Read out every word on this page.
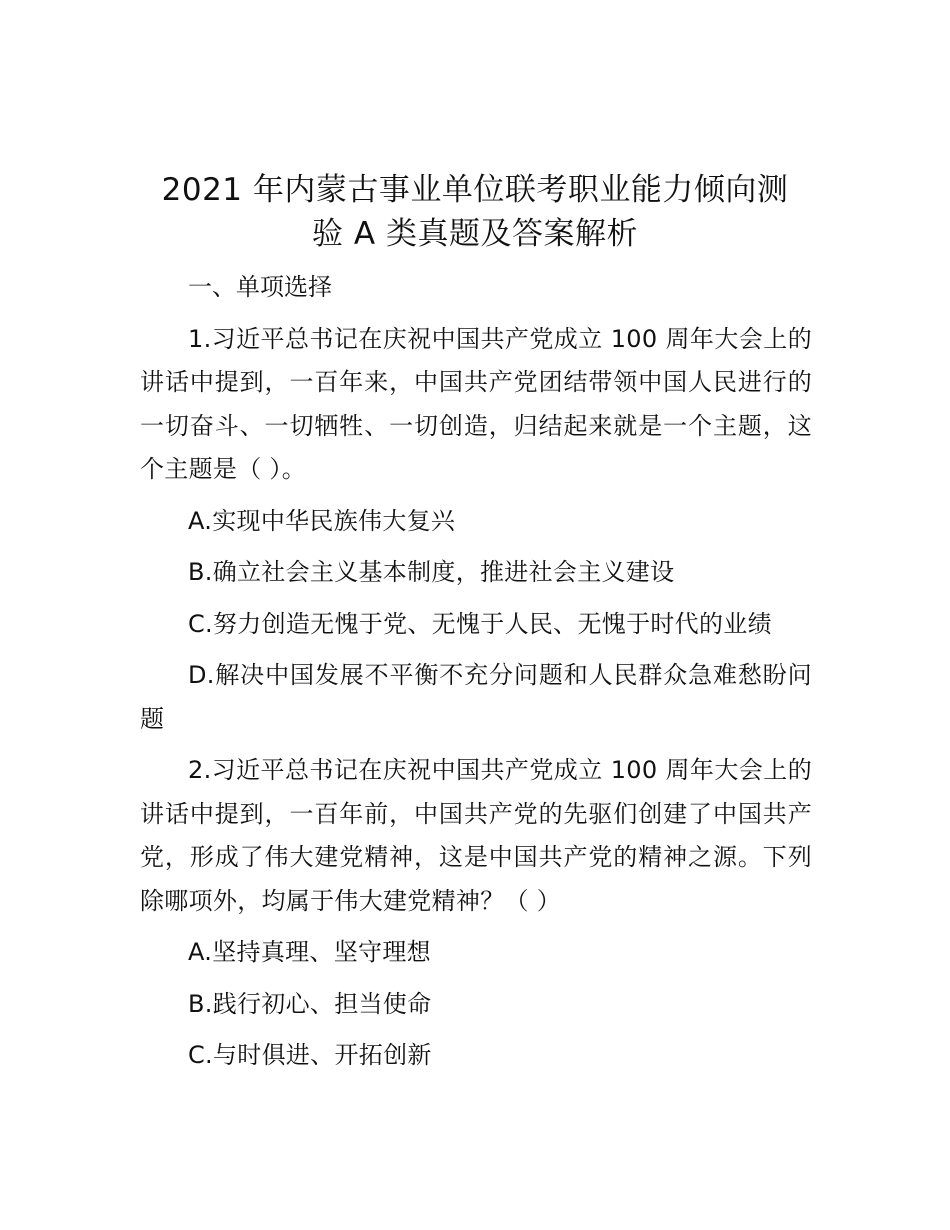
2021 年内蒙古事业单位联考职业能力倾向测
验 A 类真题及答案解析

一、单项选择

1.习近平总书记在庆祝中国共产党成立 100 周年大会上的讲话中提到，一百年来，中国共产党团结带领中国人民进行的一切奋斗、一切牺牲、一切创造，归结起来就是一个主题，这个主题是（ ）。

A.实现中华民族伟大复兴

B.确立社会主义基本制度，推进社会主义建设

C.努力创造无愧于党、无愧于人民、无愧于时代的业绩

D.解决中国发展不平衡不充分问题和人民群众急难愁盼问题

2.习近平总书记在庆祝中国共产党成立 100 周年大会上的讲话中提到，一百年前，中国共产党的先驱们创建了中国共产党，形成了伟大建党精神，这是中国共产党的精神之源。下列除哪项外，均属于伟大建党精神？（ ）

A.坚持真理、坚守理想

B.践行初心、担当使命

C.与时俱进、开拓创新
